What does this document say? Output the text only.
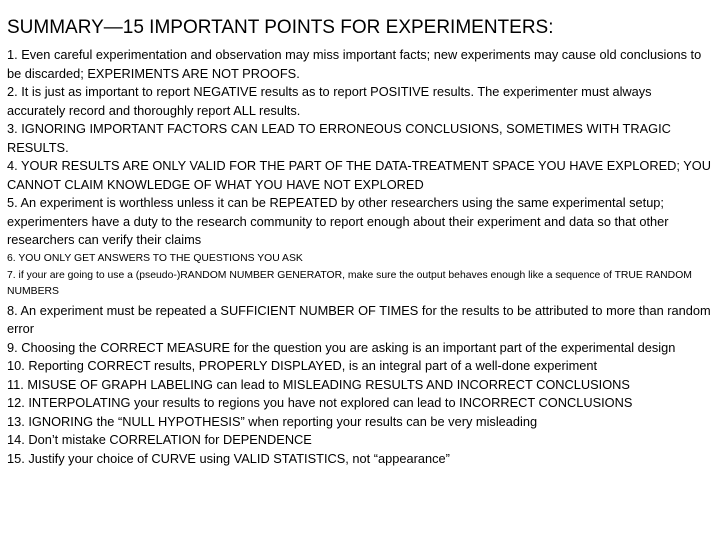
SUMMARY—15 IMPORTANT POINTS FOR EXPERIMENTERS:

1. Even careful experimentation and observation may miss important facts; new experiments may cause old conclusions to be discarded; EXPERIMENTS ARE NOT PROOFS.

2. It is just as important to report NEGATIVE results as to report POSITIVE results. The experimenter must always accurately record and thoroughly report ALL results.

3. IGNORING IMPORTANT FACTORS CAN LEAD TO ERRONEOUS CONCLUSIONS, SOMETIMES WITH TRAGIC RESULTS.

4. YOUR RESULTS ARE ONLY VALID FOR THE PART OF THE DATA-TREATMENT SPACE YOU HAVE EXPLORED; YOU CANNOT CLAIM KNOWLEDGE OF WHAT YOU HAVE NOT EXPLORED

5. An experiment is worthless unless it can be REPEATED by other researchers using the same experimental setup; experimenters have a duty to the research community to report enough about their experiment and data so that other researchers can verify their claims

6. YOU ONLY GET ANSWERS TO THE QUESTIONS YOU ASK

7. if your are going to use a (pseudo-)RANDOM NUMBER GENERATOR, make sure the output behaves enough like a sequence of TRUE RANDOM NUMBERS

8. An experiment must be repeated a SUFFICIENT NUMBER OF TIMES for the results to be attributed to more than random error

9. Choosing the CORRECT MEASURE for the question you are asking is an important part of the experimental design

10. Reporting CORRECT results, PROPERLY DISPLAYED, is an integral part of a well-done experiment

11. MISUSE OF GRAPH LABELING can lead to MISLEADING RESULTS AND INCORRECT CONCLUSIONS

12. INTERPOLATING your results to regions you have not explored can lead to INCORRECT CONCLUSIONS

13. IGNORING the “NULL HYPOTHESIS” when reporting your results can be very misleading

14. Don’t mistake CORRELATION for DEPENDENCE

15. Justify your choice of CURVE using VALID STATISTICS, not “appearance”
